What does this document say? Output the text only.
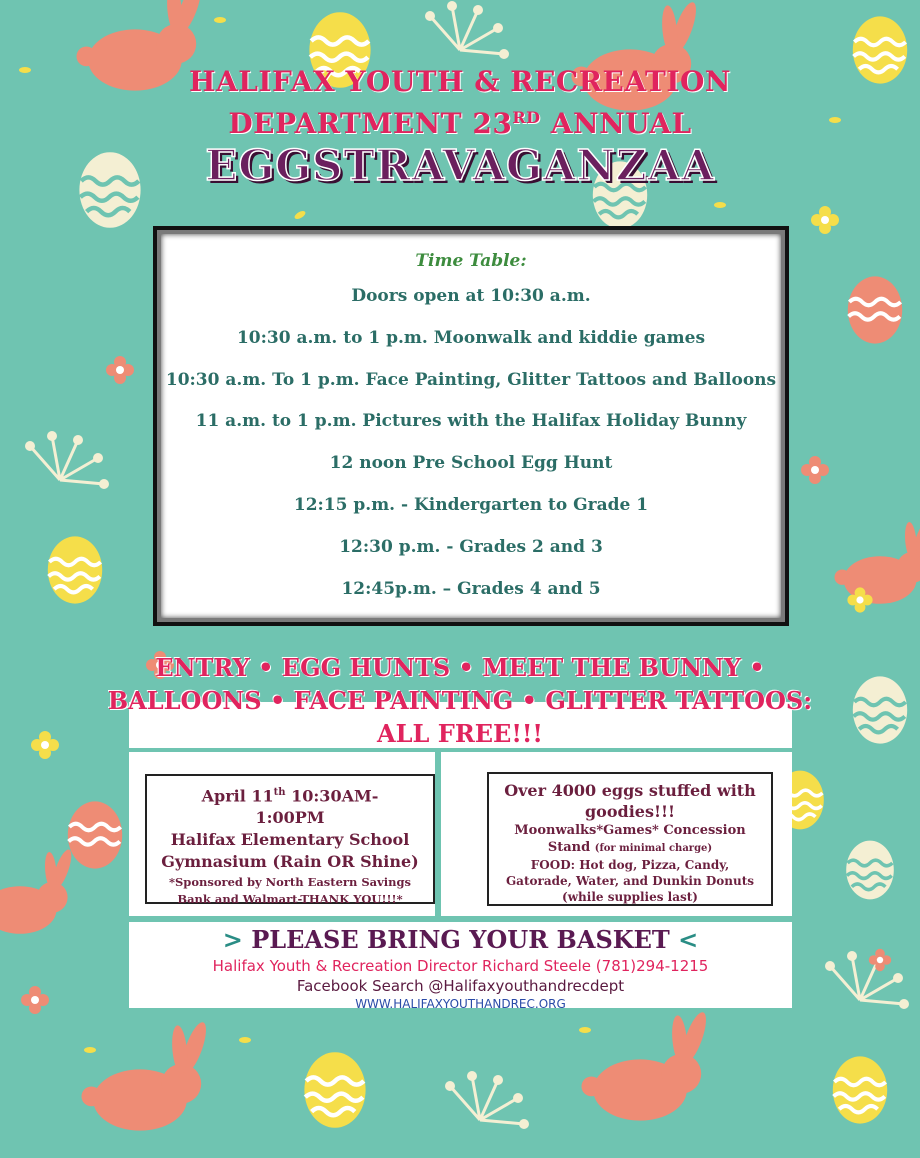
HALIFAX YOUTH & RECREATION
DEPARTMENT 23RD ANNUAL
EGGSTRAVAGANZAA
Time Table:
Doors open at 10:30 a.m.
10:30 a.m. to 1 p.m. Moonwalk and kiddie games
10:30 a.m. To 1 p.m. Face Painting, Glitter Tattoos and Balloons
11 a.m. to 1 p.m. Pictures with the Halifax Holiday Bunny
12 noon Pre School Egg Hunt
12:15 p.m. - Kindergarten to Grade 1
12:30 p.m. - Grades 2 and 3
12:45p.m. – Grades 4 and 5
ENTRY • EGG HUNTS • MEET THE BUNNY •
BALLOONS • FACE PAINTING • GLITTER TATTOOS:
ALL FREE!!!
April 11th 10:30AM-
1:00PM
Halifax Elementary School
Gymnasium (Rain OR Shine)
*Sponsored by North Eastern Savings
Bank and Walmart-THANK YOU!!!*
Over 4000 eggs stuffed with
goodies!!!
Moonwalks*Games* Concession
Stand (for minimal charge)
FOOD: Hot dog, Pizza, Candy,
Gatorade, Water, and Dunkin Donuts
(while supplies last)
> PLEASE BRING YOUR BASKET <
Halifax Youth & Recreation Director Richard Steele (781)294-1215
Facebook Search @Halifaxyouthandrecdept
WWW.HALIFAXYOUTHANDREC.ORG
